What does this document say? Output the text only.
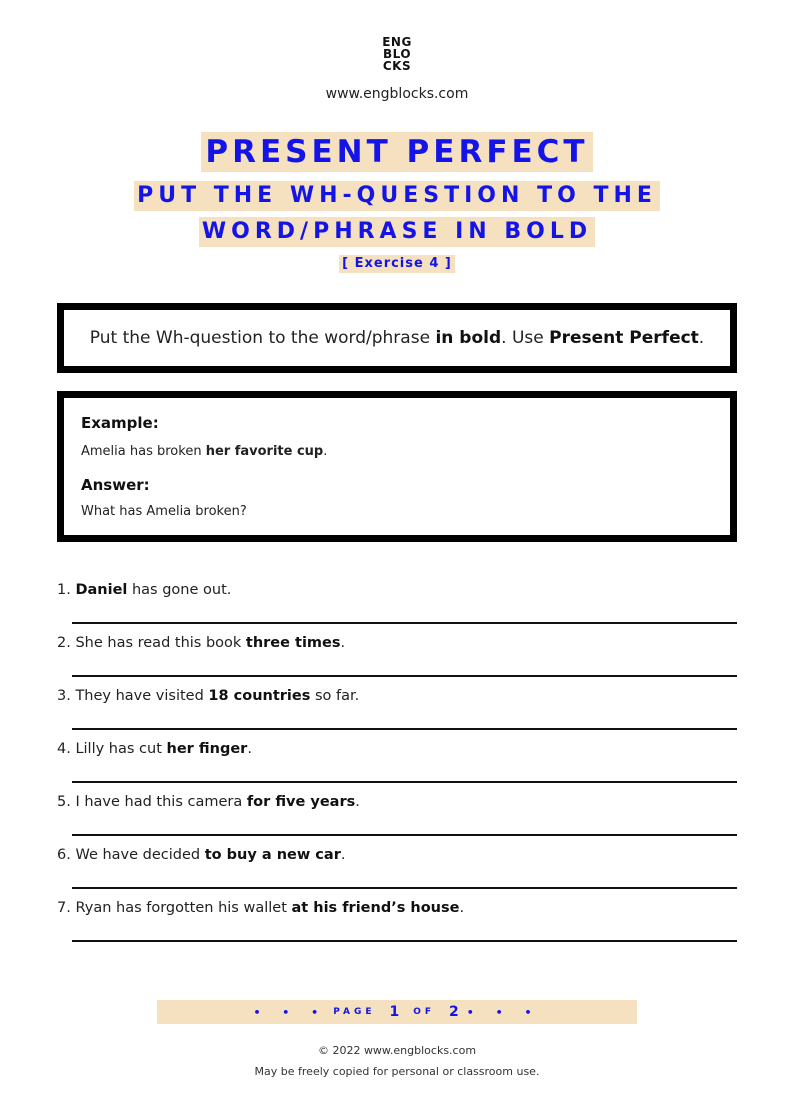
ENG
BLO
CKS
www.engblocks.com
PRESENT PERFECT
PUT THE WH-QUESTION TO THE
WORD/PHRASE IN BOLD
[ Exercise 4 ]
Put the Wh-question to the word/phrase in bold. Use Present Perfect.
Example:
Amelia has broken her favorite cup.
Answer:
What has Amelia broken?
1. Daniel has gone out.
2. She has read this book three times.
3. They have visited 18 countries so far.
4. Lilly has cut her finger.
5. I have had this camera for five years.
6. We have decided to buy a new car.
7. Ryan has forgotten his wallet at his friend’s house.
• • • PAGE 1 OF 2 • • •
© 2022 www.engblocks.com
May be freely copied for personal or classroom use.
